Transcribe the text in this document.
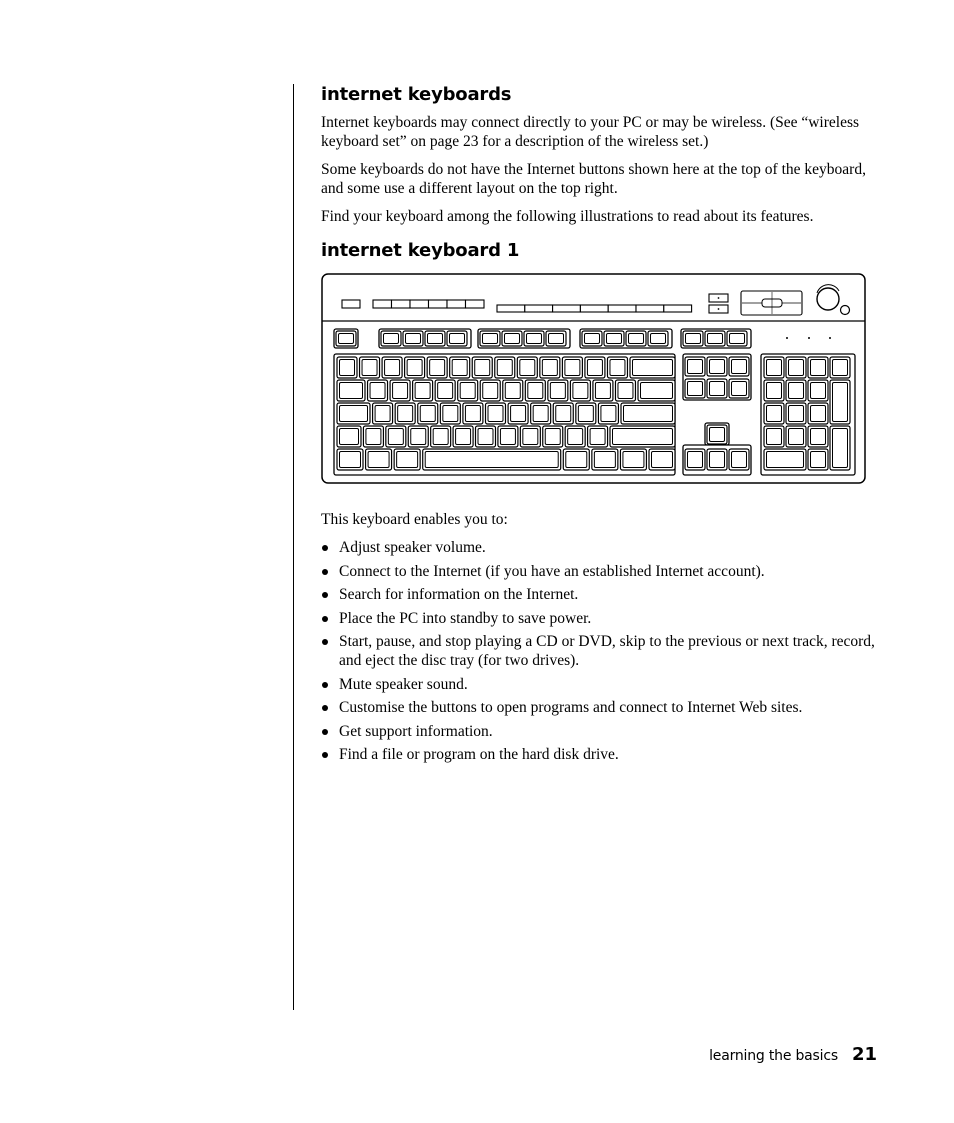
internet keyboards

Internet keyboards may connect directly to your PC or may be wireless. (See “wireless keyboard set” on page 23 for a description of the wireless set.)

Some keyboards do not have the Internet buttons shown here at the top of the keyboard, and some use a different layout on the top right.

Find your keyboard among the following illustrations to read about its features.

internet keyboard 1

This keyboard enables you to:

Adjust speaker volume.
Connect to the Internet (if you have an established Internet account).
Search for information on the Internet.
Place the PC into standby to save power.
Start, pause, and stop playing a CD or DVD, skip to the previous or next track, record, and eject the disc tray (for two drives).
Mute speaker sound.
Customise the buttons to open programs and connect to Internet Web sites.
Get support information.
Find a file or program on the hard disk drive.
learning the basics 21
